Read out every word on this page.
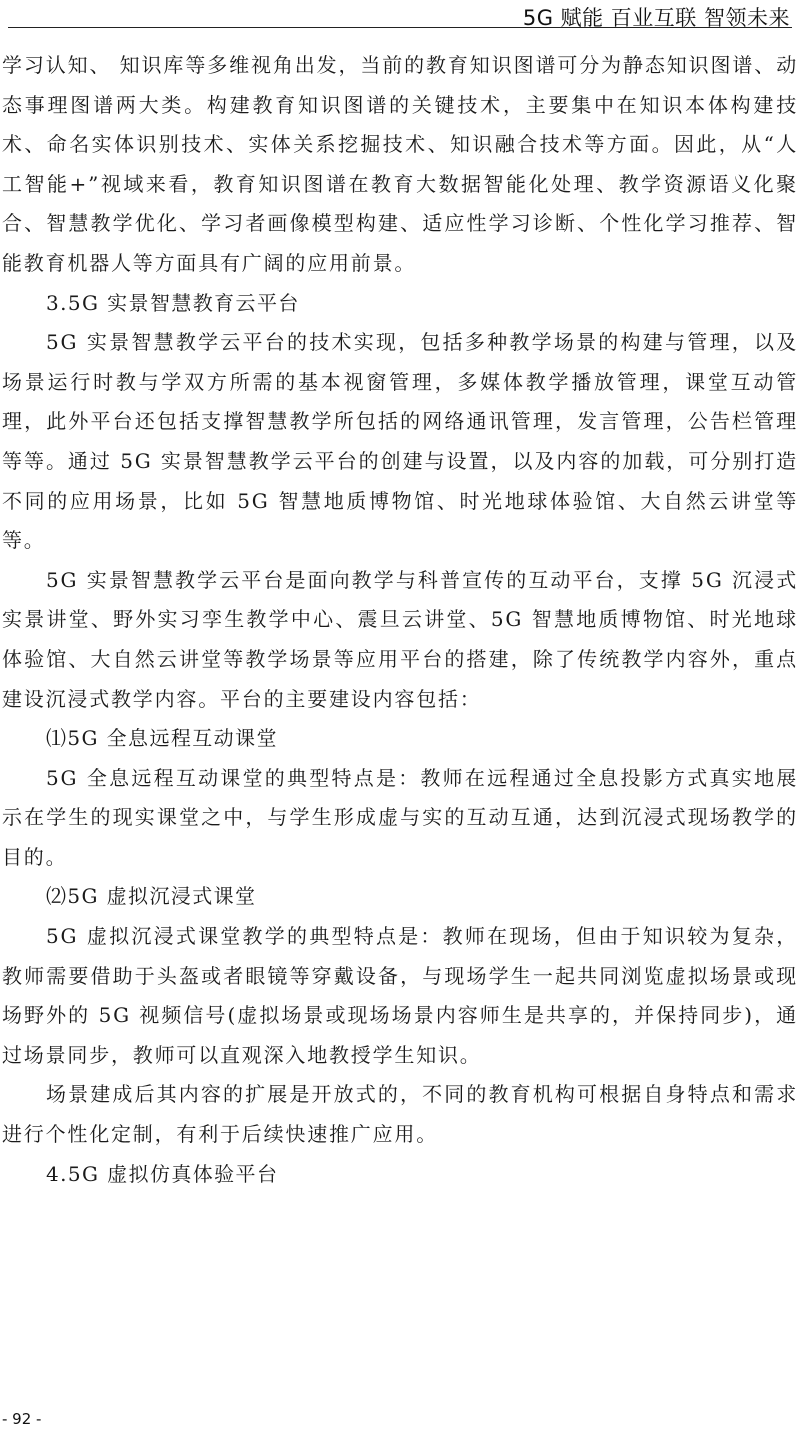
5G 赋能 百业互联 智领未来

学习认知、 知识库等多维视角出发，当前的教育知识图谱可分为静态知识图谱、动态事理图谱两大类。构建教育知识图谱的关键技术，主要集中在知识本体构建技术、命名实体识别技术、实体关系挖掘技术、知识融合技术等方面。因此，从“人工智能+”视域来看，教育知识图谱在教育大数据智能化处理、教学资源语义化聚合、智慧教学优化、学习者画像模型构建、适应性学习诊断、个性化学习推荐、智能教育机器人等方面具有广阔的应用前景。

3.5G 实景智慧教育云平台

5G 实景智慧教学云平台的技术实现，包括多种教学场景的构建与管理，以及场景运行时教与学双方所需的基本视窗管理，多媒体教学播放管理，课堂互动管理，此外平台还包括支撑智慧教学所包括的网络通讯管理，发言管理，公告栏管理等等。通过 5G 实景智慧教学云平台的创建与设置，以及内容的加载，可分别打造不同的应用场景，比如 5G 智慧地质博物馆、时光地球体验馆、大自然云讲堂等等。

5G 实景智慧教学云平台是面向教学与科普宣传的互动平台，支撑 5G 沉浸式实景讲堂、野外实习孪生教学中心、震旦云讲堂、5G 智慧地质博物馆、时光地球体验馆、大自然云讲堂等教学场景等应用平台的搭建，除了传统教学内容外，重点建设沉浸式教学内容。平台的主要建设内容包括：

⑴5G 全息远程互动课堂

5G 全息远程互动课堂的典型特点是：教师在远程通过全息投影方式真实地展示在学生的现实课堂之中，与学生形成虚与实的互动互通，达到沉浸式现场教学的目的。

⑵5G 虚拟沉浸式课堂

5G 虚拟沉浸式课堂教学的典型特点是：教师在现场，但由于知识较为复杂，教师需要借助于头盔或者眼镜等穿戴设备，与现场学生一起共同浏览虚拟场景或现场野外的 5G 视频信号(虚拟场景或现场场景内容师生是共享的，并保持同步)，通过场景同步，教师可以直观深入地教授学生知识。

场景建成后其内容的扩展是开放式的，不同的教育机构可根据自身特点和需求进行个性化定制，有利于后续快速推广应用。

4.5G 虚拟仿真体验平台

- 92 -
